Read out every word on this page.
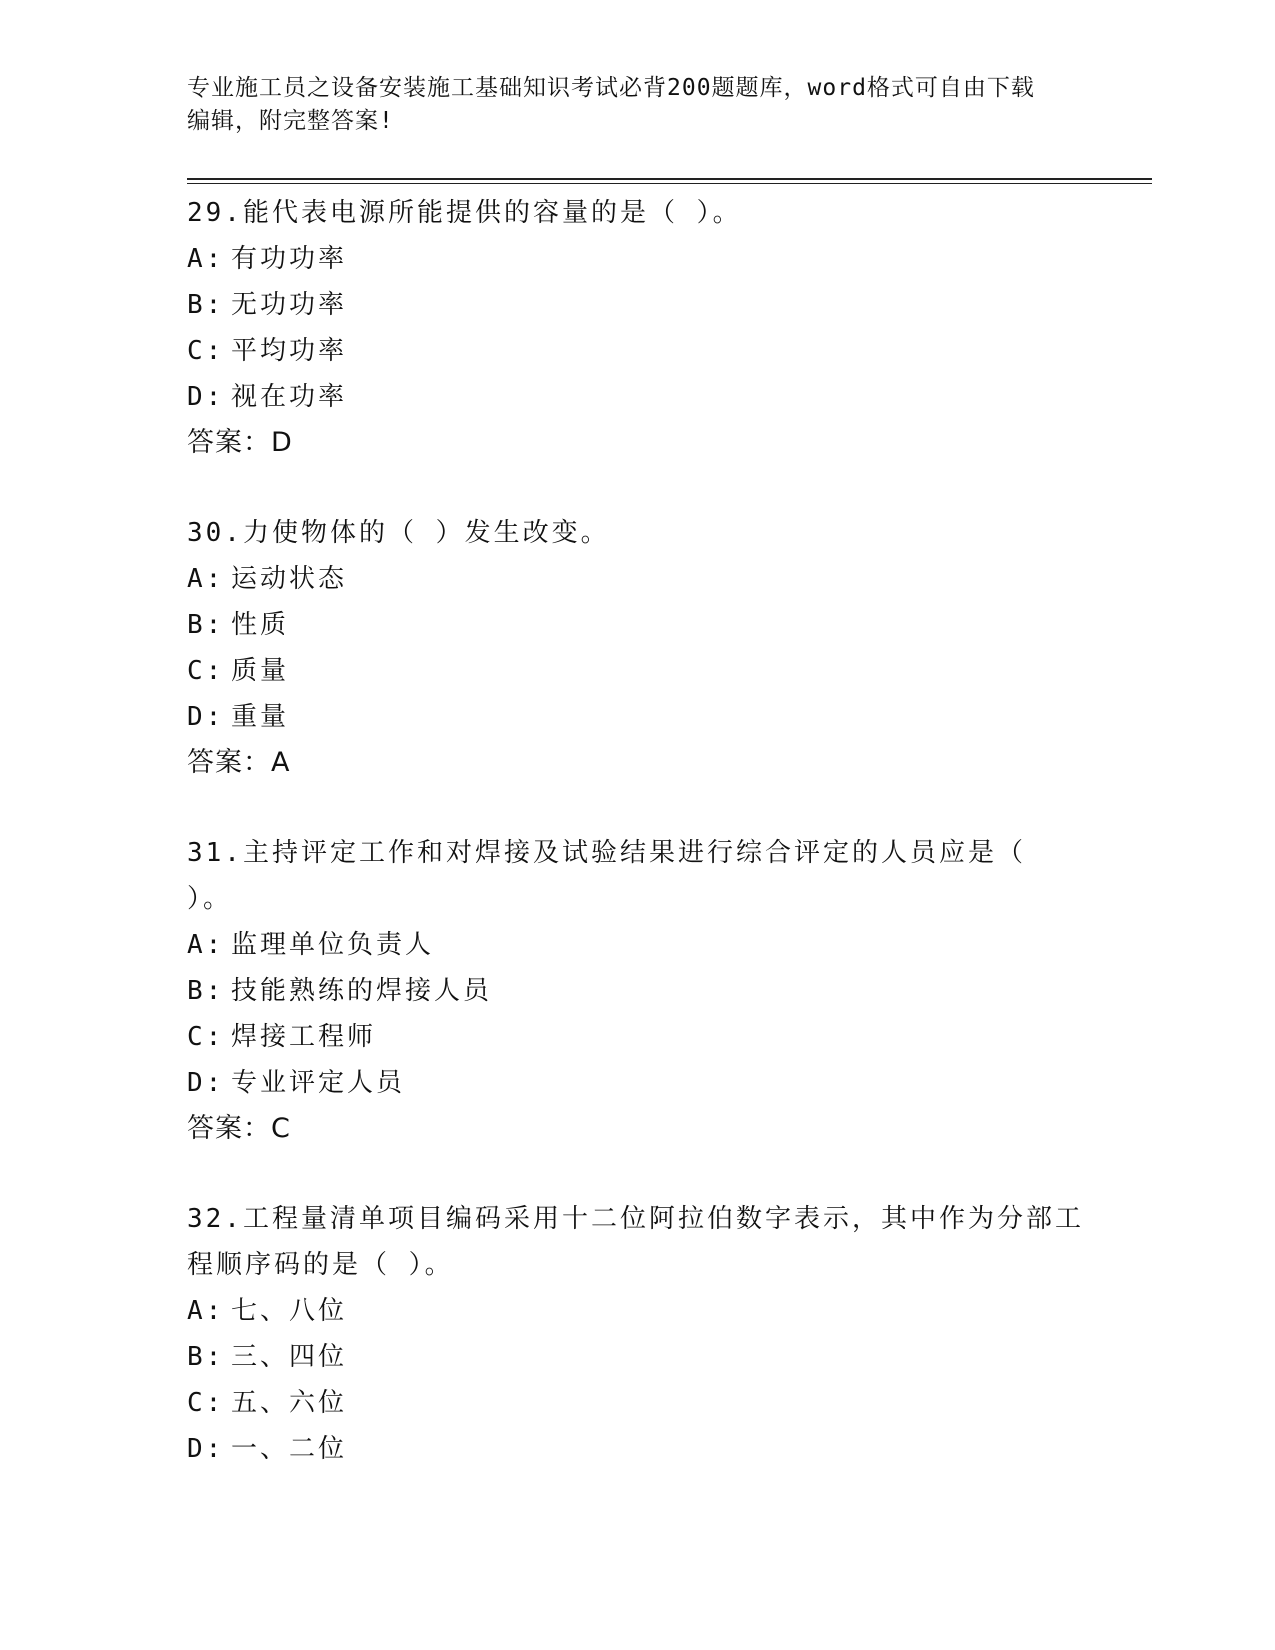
专业施工员之设备安装施工基础知识考试必背200题题库，word格式可自由下载
编辑，附完整答案!

29.能代表电源所能提供的容量的是（ ）。

A: 有功功率
B: 无功功率
C: 平均功率
D: 视在功率
答案：D

30.力使物体的（ ）发生改变。

A: 运动状态
B: 性质
C: 质量
D: 重量
答案：A

31.主持评定工作和对焊接及试验结果进行综合评定的人员应是（ ）。

A: 监理单位负责人
B: 技能熟练的焊接人员
C: 焊接工程师
D: 专业评定人员
答案：C

32.工程量清单项目编码采用十二位阿拉伯数字表示，其中作为分部工程顺序码的是（ ）。

A: 七、八位
B: 三、四位
C: 五、六位
D: 一、二位
